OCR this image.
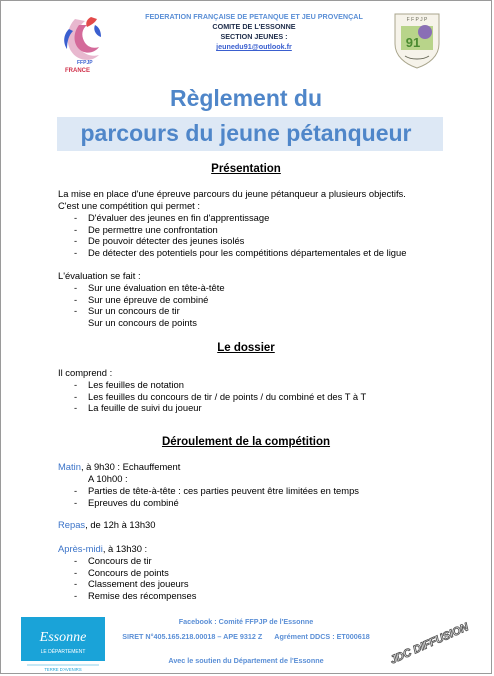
FFPJP
FRANCE
FEDERATION FRANÇAISE DE PETANQUE ET JEU PROVENÇAL
COMITE DE L'ESSONNE
SECTION JEUNES :
jeunedu91@outlook.fr
F F P J P
91
Règlement du
parcours du jeune pétanqueur
Présentation
La mise en place d'une épreuve parcours du jeune pétanqueur a plusieurs objectifs.
C'est une compétition qui permet :
- D'évaluer des jeunes en fin d'apprentissage
- De permettre une confrontation
- De pouvoir détecter des jeunes isolés
- De détecter des potentiels pour les compétitions départementales et de ligue
L'évaluation se fait :
- Sur une évaluation en tête-à-tête
- Sur une épreuve de combiné
- Sur un concours de tir
Sur un concours de points
Le dossier
Il comprend :
- Les feuilles de notation
- Les feuilles du concours de tir / de points / du combiné et des T à T
- La feuille de suivi du joueur
Déroulement de la compétition
Matin, à 9h30 : Echauffement
A 10h00 :
- Parties de tête-à-tête : ces parties peuvent être limitées en temps
- Epreuves du combiné
Repas, de 12h à 13h30
Après-midi, à 13h30 :
- Concours de tir
- Concours de points
- Classement des joueurs
- Remise des récompenses
Essonne
LE DÉPARTEMENT
TERRE D'AVENIRS
Facebook : Comité FFPJP de l'Essonne
SIRET N°405.165.218.00018 – APE 9312 Z Agrément DDCS : ET000618
Avec le soutien du Département de l'Essonne	JDC DIFFUSION
